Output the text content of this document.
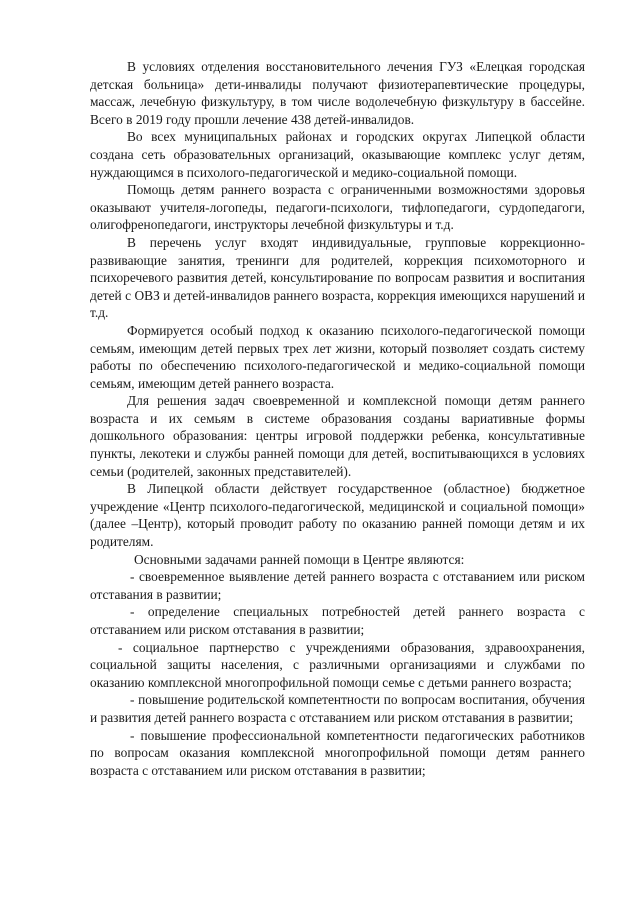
В условиях отделения восстановительного лечения ГУЗ «Елецкая городская детская больница» дети-инвалиды получают физиотерапевтические процедуры, массаж, лечебную физкультуру, в том числе водолечебную физкультуру в бассейне. Всего в 2019 году прошли лечение 438 детей-инвалидов.

Во всех муниципальных районах и городских округах Липецкой области создана сеть образовательных организаций, оказывающие комплекс услуг детям, нуждающимся в психолого-педагогической и медико-социальной помощи.

Помощь детям раннего возраста с ограниченными возможностями здоровья оказывают учителя-логопеды, педагоги-психологи, тифлопедагоги, сурдопедагоги, олигофренопедагоги, инструкторы лечебной физкультуры и т.д.

В перечень услуг входят индивидуальные, групповые коррекционно-развивающие занятия, тренинги для родителей, коррекция психомоторного и психоречевого развития детей, консультирование по вопросам развития и воспитания детей с ОВЗ и детей-инвалидов раннего возраста, коррекция имеющихся нарушений и т.д.

Формируется особый подход к оказанию психолого-педагогической помощи семьям, имеющим детей первых трех лет жизни, который позволяет создать систему работы по обеспечению психолого-педагогической и медико-социальной помощи семьям, имеющим детей раннего возраста.

Для решения задач своевременной и комплексной помощи детям раннего возраста и их семьям в системе образования созданы вариативные формы дошкольного образования: центры игровой поддержки ребенка, консультативные пункты, лекотеки и службы ранней помощи для детей, воспитывающихся в условиях семьи (родителей, законных представителей).

В Липецкой области действует государственное (областное) бюджетное учреждение «Центр психолого-педагогической, медицинской и социальной помощи» (далее –Центр), который проводит работу по оказанию ранней помощи детям и их родителям.

Основными задачами ранней помощи в Центре являются:

- своевременное выявление детей раннего возраста с отставанием или риском отставания в развитии;

- определение специальных потребностей детей раннего возраста с отставанием или риском отставания в развитии;

- социальное партнерство с учреждениями образования, здравоохранения, социальной защиты населения, с различными организациями и службами по оказанию комплексной многопрофильной помощи семье с детьми раннего возраста;

- повышение родительской компетентности по вопросам воспитания, обучения и развития детей раннего возраста с отставанием или риском отставания в развитии;

- повышение профессиональной компетентности педагогических работников по вопросам оказания комплексной многопрофильной помощи детям раннего возраста с отставанием или риском отставания в развитии;
